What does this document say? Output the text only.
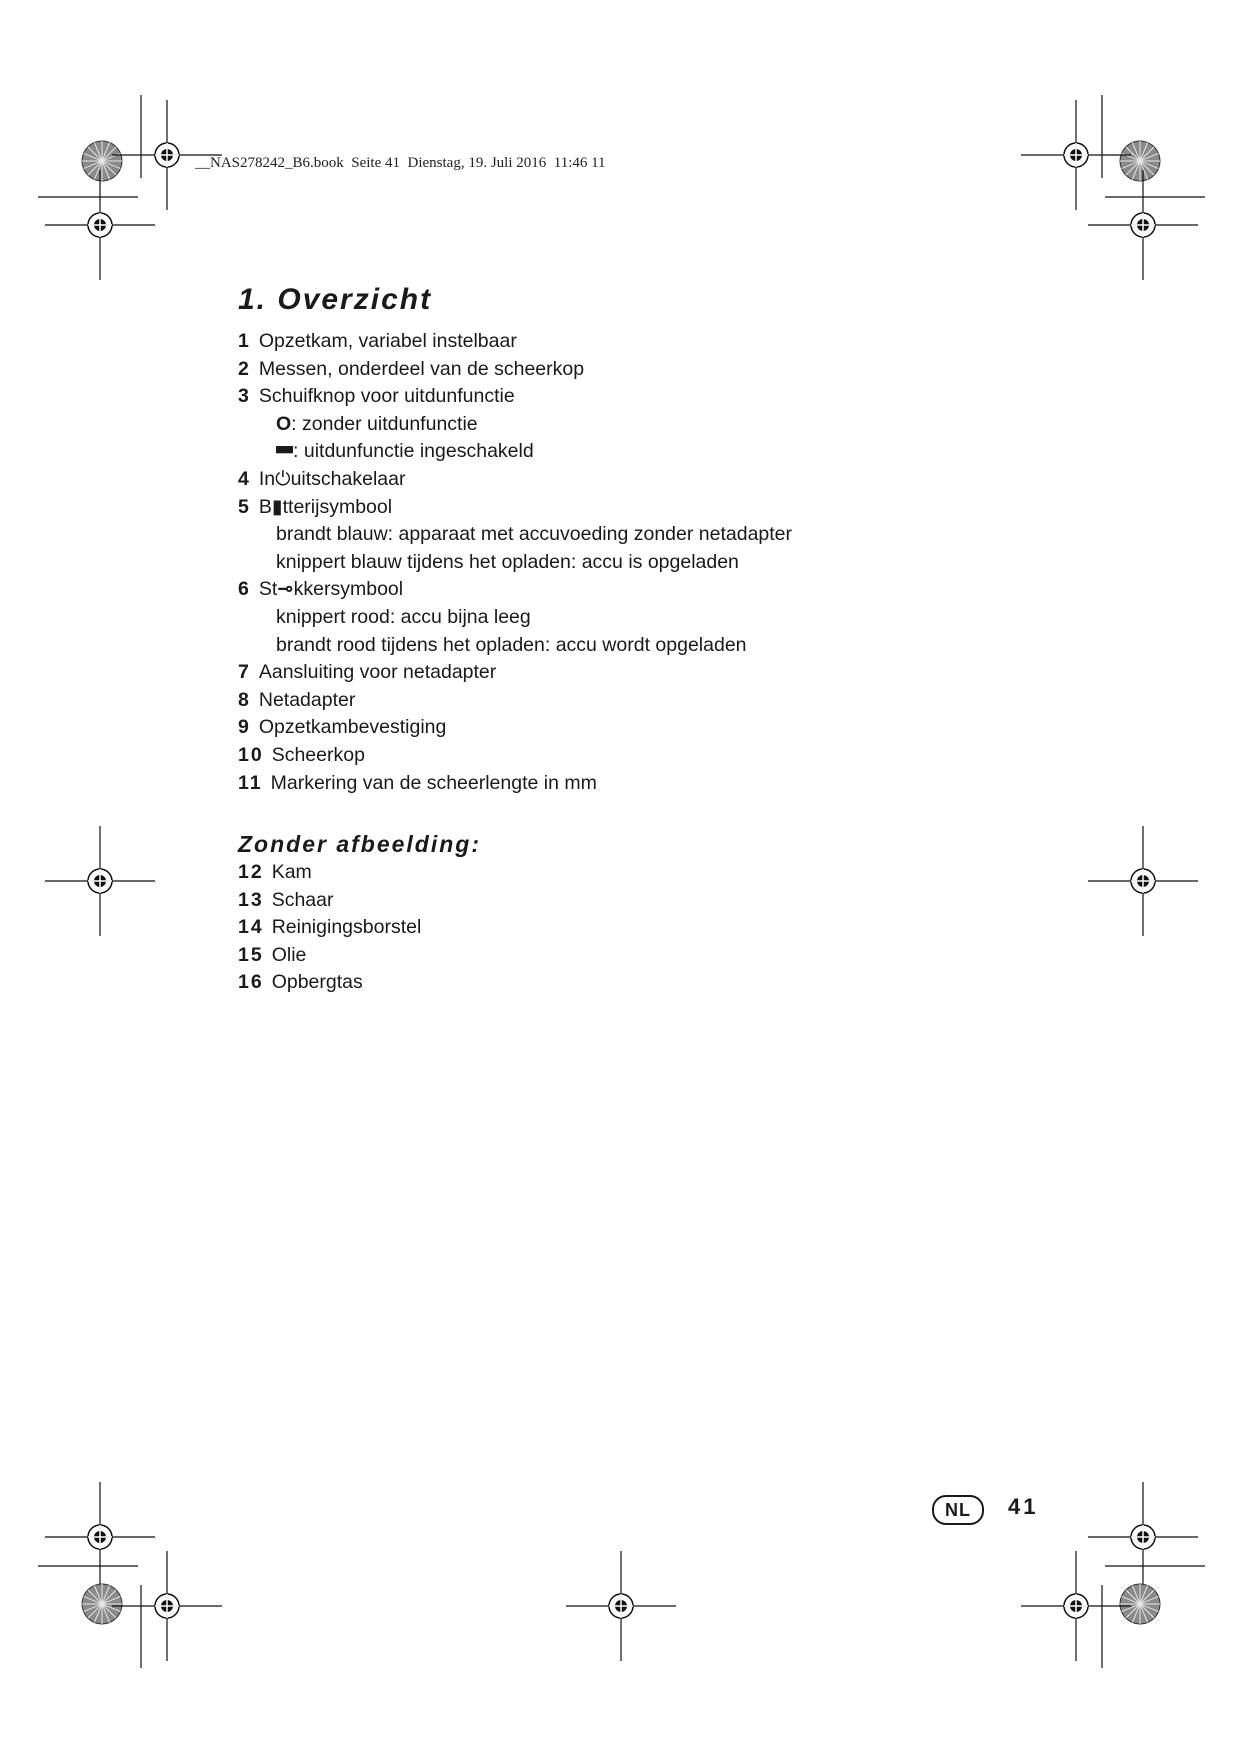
__NAS278242_B6.book  Seite 41  Dienstag, 19. Juli 2016  11:46 11
1. Overzicht
1 Opzetkam, variabel instelbaar
2 Messen, onderdeel van de scheerkop
3 Schuifknop voor uitdunfunctie
O: zonder uitdunfunctie
▀▀: uitdunfunctie ingeschakeld
4 In⏻uitschakelaar
5 B▮tterijsymbool
brandt blauw: apparaat met accuvoeding zonder netadapter
knippert blauw tijdens het opladen: accu is opgeladen
6 St⊸kkersymbool
knippert rood: accu bijna leeg
brandt rood tijdens het opladen: accu wordt opgeladen
7 Aansluiting voor netadapter
8 Netadapter
9 Opzetkambevestiging
10 Scheerkop
11 Markering van de scheerlengte in mm
Zonder afbeelding:
12 Kam
13 Schaar
14 Reinigingsborstel
15 Olie
16 Opbergtas
NL	41
